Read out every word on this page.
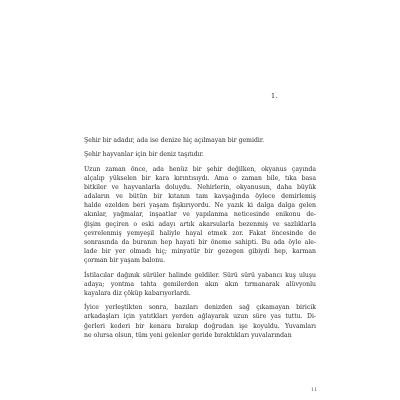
1.

Şehir bir adadır, ada ise denize hiç açılmayan bir gemidir.

Şehir hayvanlar için bir deniz taşıtıdır.

Uzun zaman önce, ada henüz bir şehir değilken, okyanus çayında
alçalıp yükselen bir kara kırıntısıydı. Ama o zaman bile, tıka basa
bitkiler ve hayvanlarla doluydu. Nehirlerin, okyanusun, daha büyük
adaların ve bütün bir kıtanın tam kavşağında öylece demirlemiş
halde ezelden beri yaşam fışkırıyordu. Ne yazık ki dalga dalga gelen
akınlar, yağmalar, inşaatlar ve yapılanma neticesinde enikonu de-
ğişim geçiren o eski adayı artık akarsularla bezenmiş ve sazlıklarla
çevrelenmiş yemyeşil haliyle hayal etmek zor. Fakat öncesinde de
sonrasında da buranın hep hayati bir öneme sahipti. Bu ada öyle ale-
lade bir yer olmadı hiç; minyatür bir gezegen gibiydi hep, karman
çorman bir yaşam balonu.

İstilacılar dağınık sürüler halinde geldiler. Sürü sürü yabancı kuş uluşu
adaya; yontma tahta gemilerden akın akın tırmanarak alüvyonlu
kayalara diz çöküp kabarıyorlardı.

İyice yerleştikten sonra, bazıları denizden sağ çıkamayan biricik
arkadaşları için yatıtkları yerden ağlayarak uzun süre yas tuttu. Di-
ğerleri kederi bir kenara bırakıp doğrudan işe koyuldu. Yuvamları
ne olursa olsun, tüm yeni gelenler geride bıraktıkları yuvalarından

11
